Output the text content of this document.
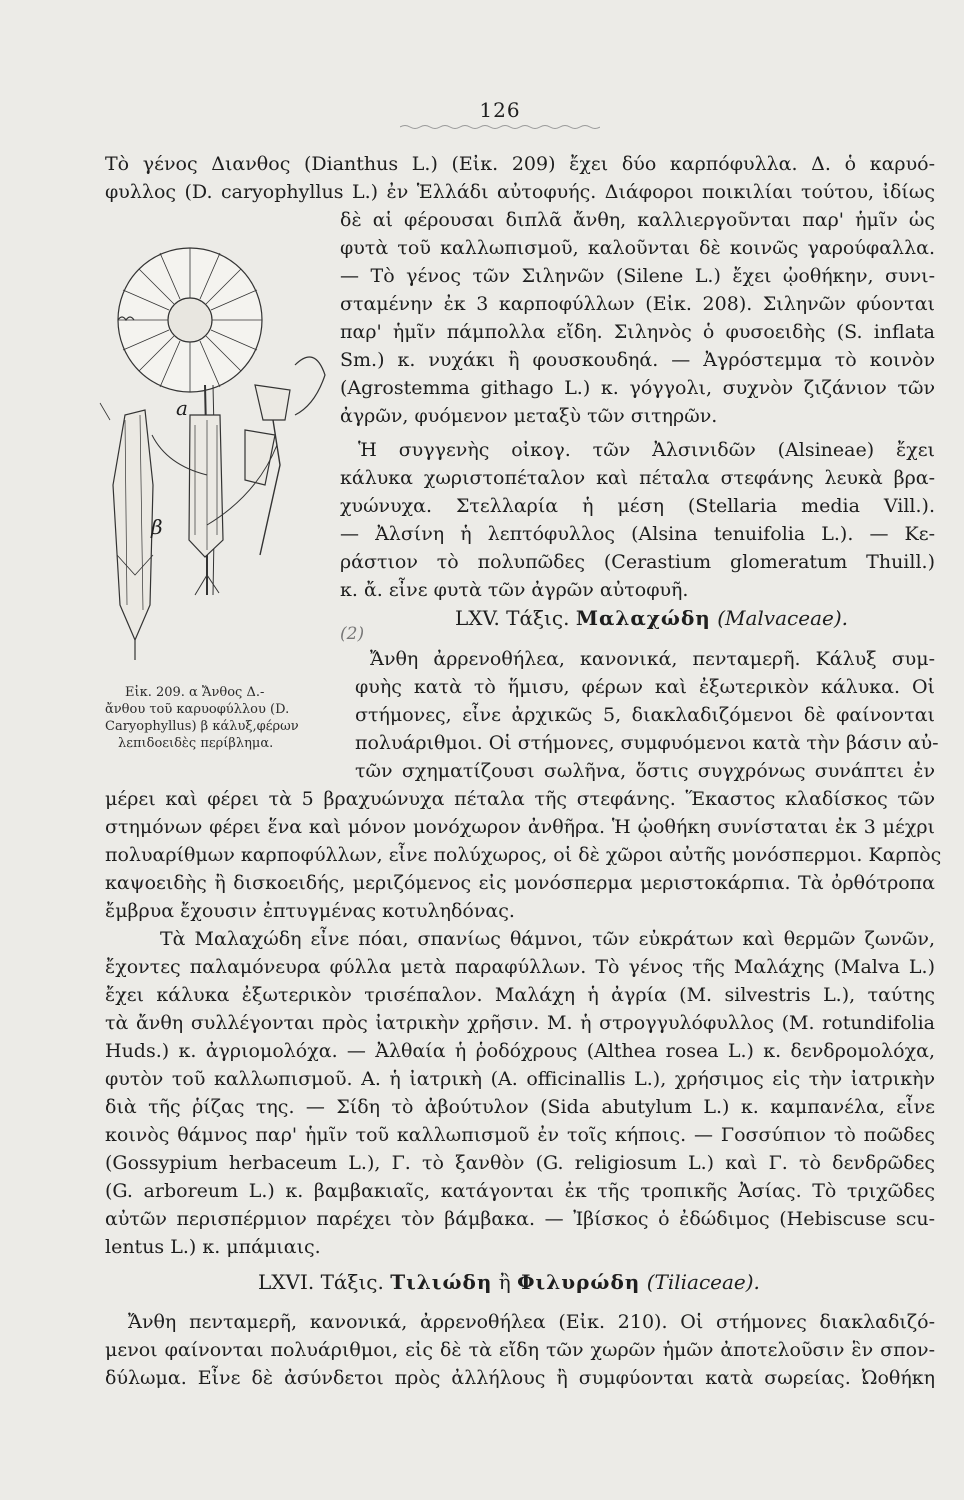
126
Τὸ γένος Διανθος (Dianthus L.) (Εἰκ. 209) ἔχει δύο καρπόφυλλα. Δ. ὁ καρυό-
φυλλος (D. caryophyllus L.) ἐν Ἑλλάδι αὐτοφυής. Διάφοροι ποικιλίαι τούτου, ἰδίως
δὲ αἱ φέρουσαι διπλᾶ ἄνθη, καλλιεργοῦνται παρ' ἡμῖν ὡς
φυτὰ τοῦ καλλωπισμοῦ, καλοῦνται δὲ κοινῶς γαρούφαλλα.
— Τὸ γένος τῶν Σιληνῶν (Silene L.) ἔχει ᾠοθήκην, συνι-
σταμένην ἐκ 3 καρποφύλλων (Εἰκ. 208). Σιληνῶν φύονται
παρ' ἡμῖν πάμπολλα εἴδη. Σιληνὸς ὁ φυσοειδὴς (S. inflata
Sm.) κ. νυχάκι ἢ φουσκουδηά. — Ἀγρόστεμμα τὸ κοινὸν
(Agrostemma githago L.) κ. γόγγολι, συχνὸν ζιζάνιον τῶν
ἀγρῶν, φυόμενον μεταξὺ τῶν σιτηρῶν.
Ἡ συγγενὴς οἰκογ. τῶν Ἀλσινιδῶν (Alsineae) ἔχει
κάλυκα χωριστοπέταλον καὶ πέταλα στεφάνης λευκὰ βρα-
χυώνυχα. Στελλαρία ἡ μέση (Stellaria media Vill.).
— Ἀλσίνη ἡ λεπτόφυλλος (Alsina tenuifolia L.). — Κε-
ράστιον τὸ πολυπῶδες (Cerastium glomeratum Thuill.)
κ. ἄ. εἶνε φυτὰ τῶν ἀγρῶν αὐτοφυῆ.
LXV. Τάξις. Μαλαχώδη (Malvaceae).
Ἄνθη ἀρρενοθήλεα, κανονικά, πενταμερῆ. Κάλυξ συμ-
φυὴς κατὰ τὸ ἥμισυ, φέρων καὶ ἐξωτερικὸν κάλυκα. Οἱ
στήμονες, εἶνε ἀρχικῶς 5, διακλαδιζόμενοι δὲ φαίνονται
πολυάριθμοι. Οἱ στήμονες, συμφυόμενοι κατὰ τὴν βάσιν αὐ-
τῶν σχηματίζουσι σωλῆνα, ὅστις συγχρόνως συνάπτει ἐν
μέρει καὶ φέρει τὰ 5 βραχυώνυχα πέταλα τῆς στεφάνης. Ἕκαστος κλαδίσκος τῶν
στημόνων φέρει ἕνα καὶ μόνον μονόχωρον ἀνθῆρα. Ἡ ᾠοθήκη συνίσταται ἐκ 3 μέχρι
πολυαρίθμων καρποφύλλων, εἶνε πολύχωρος, οἱ δὲ χῶροι αὐτῆς μονόσπερμοι. Καρπὸς
καψοειδὴς ἢ δισκοειδής, μεριζόμενος εἰς μονόσπερμα μεριστοκάρπια. Τὰ ὀρθότροπα
ἔμβρυα ἔχουσιν ἐπτυγμένας κοτυληδόνας.
Τὰ Μαλαχώδη εἶνε πόαι, σπανίως θάμνοι, τῶν εὐκράτων καὶ θερμῶν ζωνῶν,
ἔχοντες παλαμόνευρα φύλλα μετὰ παραφύλλων. Τὸ γένος τῆς Μαλάχης (Malva L.)
ἔχει κάλυκα ἐξωτερικὸν τρισέπαλον. Μαλάχη ἡ ἀγρία (M. silvestris L.), ταύτης
τὰ ἄνθη συλλέγονται πρὸς ἰατρικὴν χρῆσιν. Μ. ἡ στρογγυλόφυλλος (M. rotundifolia
Huds.) κ. ἀγριομολόχα. — Ἀλθαία ἡ ῥοδόχρους (Althea rosea L.) κ. δενδρομολόχα,
φυτὸν τοῦ καλλωπισμοῦ. Α. ἡ ἰατρικὴ (A. officinallis L.), χρήσιμος εἰς τὴν ἰατρικὴν
διὰ τῆς ῥίζας της. — Σίδη τὸ ἀβούτυλον (Sida abutylum L.) κ. καμπανέλα, εἶνε
κοινὸς θάμνος παρ' ἡμῖν τοῦ καλλωπισμοῦ ἐν τοῖς κήποις. — Γοσσύπιον τὸ ποῶδες
(Gossypium herbaceum L.), Γ. τὸ ξανθὸν (G. religiosum L.) καὶ Γ. τὸ δενδρῶδες
(G. arboreum L.) κ. βαμβακιαῖς, κατάγονται ἐκ τῆς τροπικῆς Ἀσίας. Τὸ τριχῶδες
αὐτῶν περισπέρμιον παρέχει τὸν βάμβακα. — Ἰβίσκος ὁ ἐδώδιμος (Hebiscuse scu-
lentus L.) κ. μπάμιαις.
LXVI. Τάξις. Τιλιώδη ἢ Φιλυρώδη (Tiliaceae).
Ἄνθη πενταμερῆ, κανονικά, ἀρρενοθήλεα (Εἰκ. 210). Οἱ στήμονες διακλαδιζό-
μενοι φαίνονται πολυάριθμοι, εἰς δὲ τὰ εἴδη τῶν χωρῶν ἡμῶν ἀποτελοῦσιν ἓν σπον-
δύλωμα. Εἶνε δὲ ἀσύνδετοι πρὸς ἀλλήλους ἢ συμφύονται κατὰ σωρείας. Ὠοθήκη
a
β
(2)
Εἰκ. 209. α Ἄνθος Δ.-
ἄνθου τοῦ καρυοφύλλου (D.
Caryophyllus) β κάλυξ,φέρων
λεπιδοειδὲς περίβλημα.
